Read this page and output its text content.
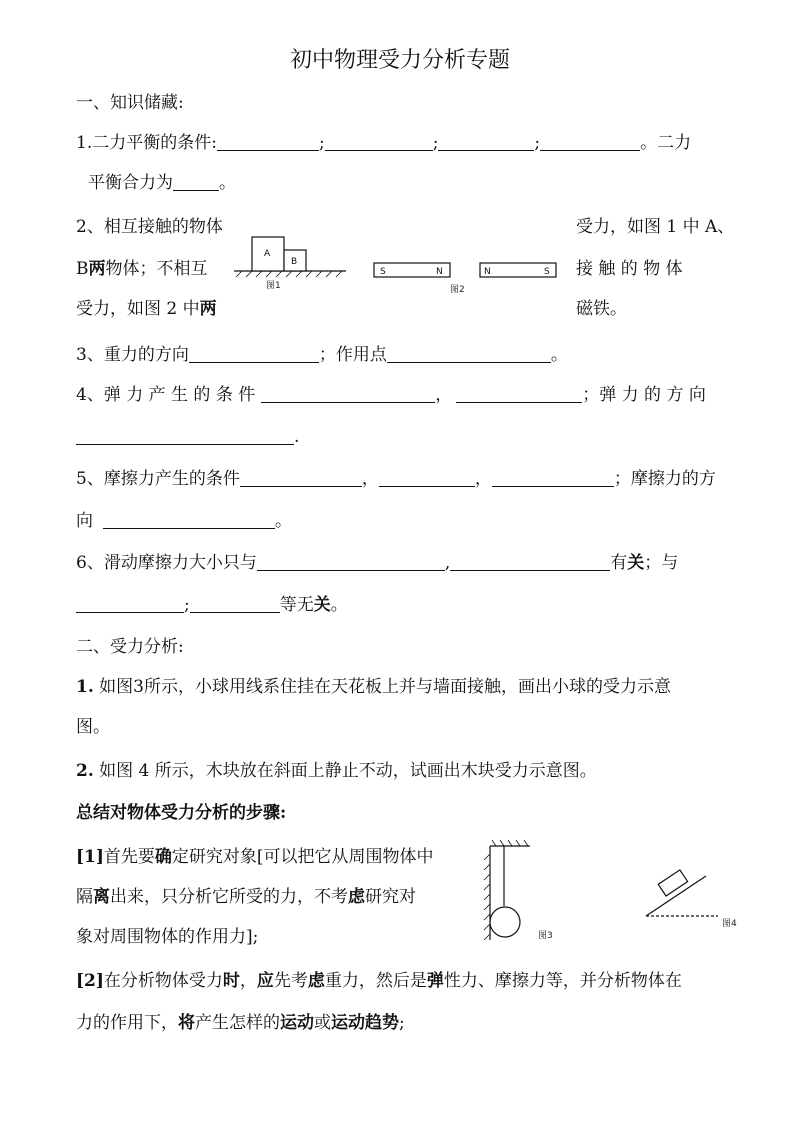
初中物理受力分析专题
一、知识储藏:
1.二力平衡的条件:	;	;	;	。二力
平衡合力为	。
2、相互接触的物体	受力，如图 1 中 A、
B两物体；不相互	接 触 的 物 体
受力，如图 2 中两	磁铁。
A
B
图1
S	N	N	S
图2
3、重力的方向	；作用点	。
4、弹 力 产 生 的 条 件	，	；弹 力 的 方 向
.
5、摩擦力产生的条件	，	，	；摩擦力的方
向	。
6、滑动摩擦力大小只与	,	有关；与
;	等无关。
二、受力分析:
1. 如图3所示，小球用线系住挂在天花板上并与墙面接触，画出小球的受力示意
图。
2. 如图 4 所示，木块放在斜面上静止不动，试画出木块受力示意图。
总结对物体受力分析的步骤:
[1]首先要确定研究对象[可以把它从周围物体中
隔离出来，只分析它所受的力，不考虑研究对
象对周围物体的作用力];	图3
图4
[2]在分析物体受力时，应先考虑重力，然后是弹性力、摩擦力等，并分析物体在
力的作用下，将产生怎样的运动或运动趋势;
